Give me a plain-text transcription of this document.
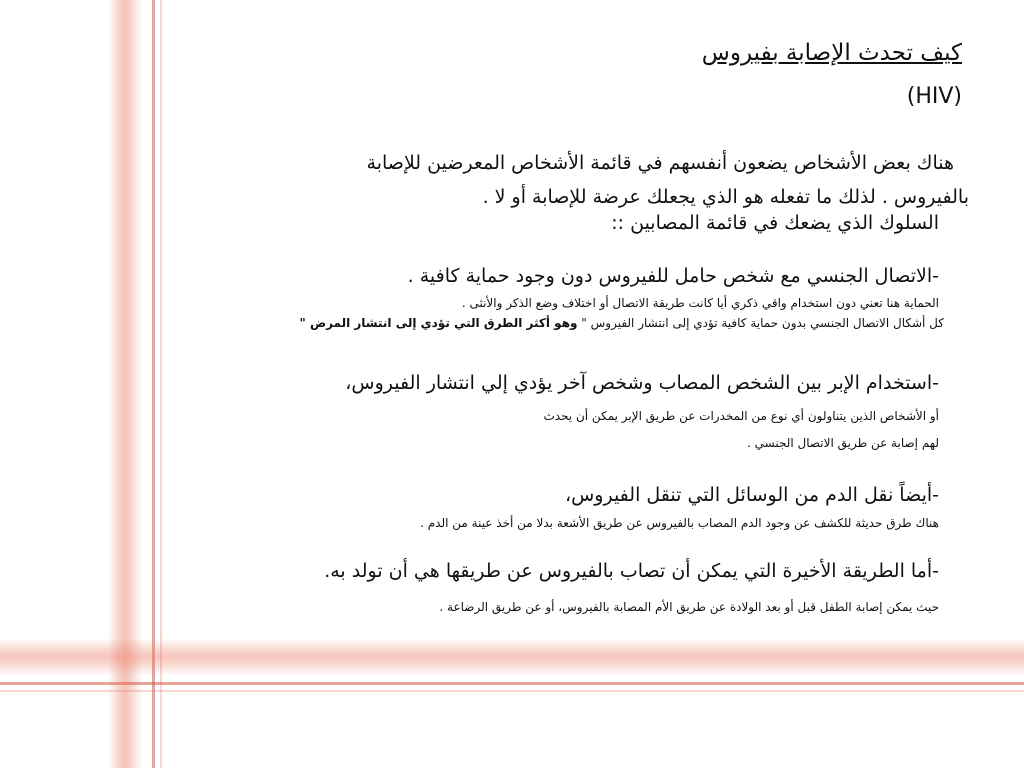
كيف تحدث الإصابة بفيروس
(HIV)
هناك بعض الأشخاص يضعون أنفسهم في قائمة الأشخاص المعرضين للإصابة
بالفيروس . لذلك ما تفعله هو الذي يجعلك عرضة للإصابة أو لا .
السلوك الذي يضعك في قائمة المصابين ::
-الاتصال الجنسي مع شخص حامل للفيروس دون وجود حماية كافية .
الحماية هنا تعني دون استخدام واقي ذكري أيا كانت طريقة الاتصال أو اختلاف وضع الذكر والأنثى .
كل أشكال الاتصال الجنسي بدون حماية كافية تؤدي إلى انتشار الفيروس " وهو أكثر الطرق التي تؤدي إلى انتشار المرض "
-استخدام الإبر بين الشخص المصاب وشخص آخر يؤدي إلي انتشار الفيروس،
أو الأشخاص الذين يتناولون أي نوع من المخدرات عن طريق الإبر يمكن أن يحدث
لهم إصابة عن طريق الاتصال الجنسي .
-أيضاً نقل الدم من الوسائل التي تنقل الفيروس،
هناك طرق حديثة للكشف عن وجود الدم المصاب بالفيروس عن طريق الأشعة بدلا من أخذ عينة من الدم .
-أما الطريقة الأخيرة التي يمكن أن تصاب بالفيروس عن طريقها هي أن تولد به.
حيث يمكن إصابة الطفل قبل أو بعد الولادة عن طريق الأم المصابة بالفيروس، أو عن طريق الرضاعة .
